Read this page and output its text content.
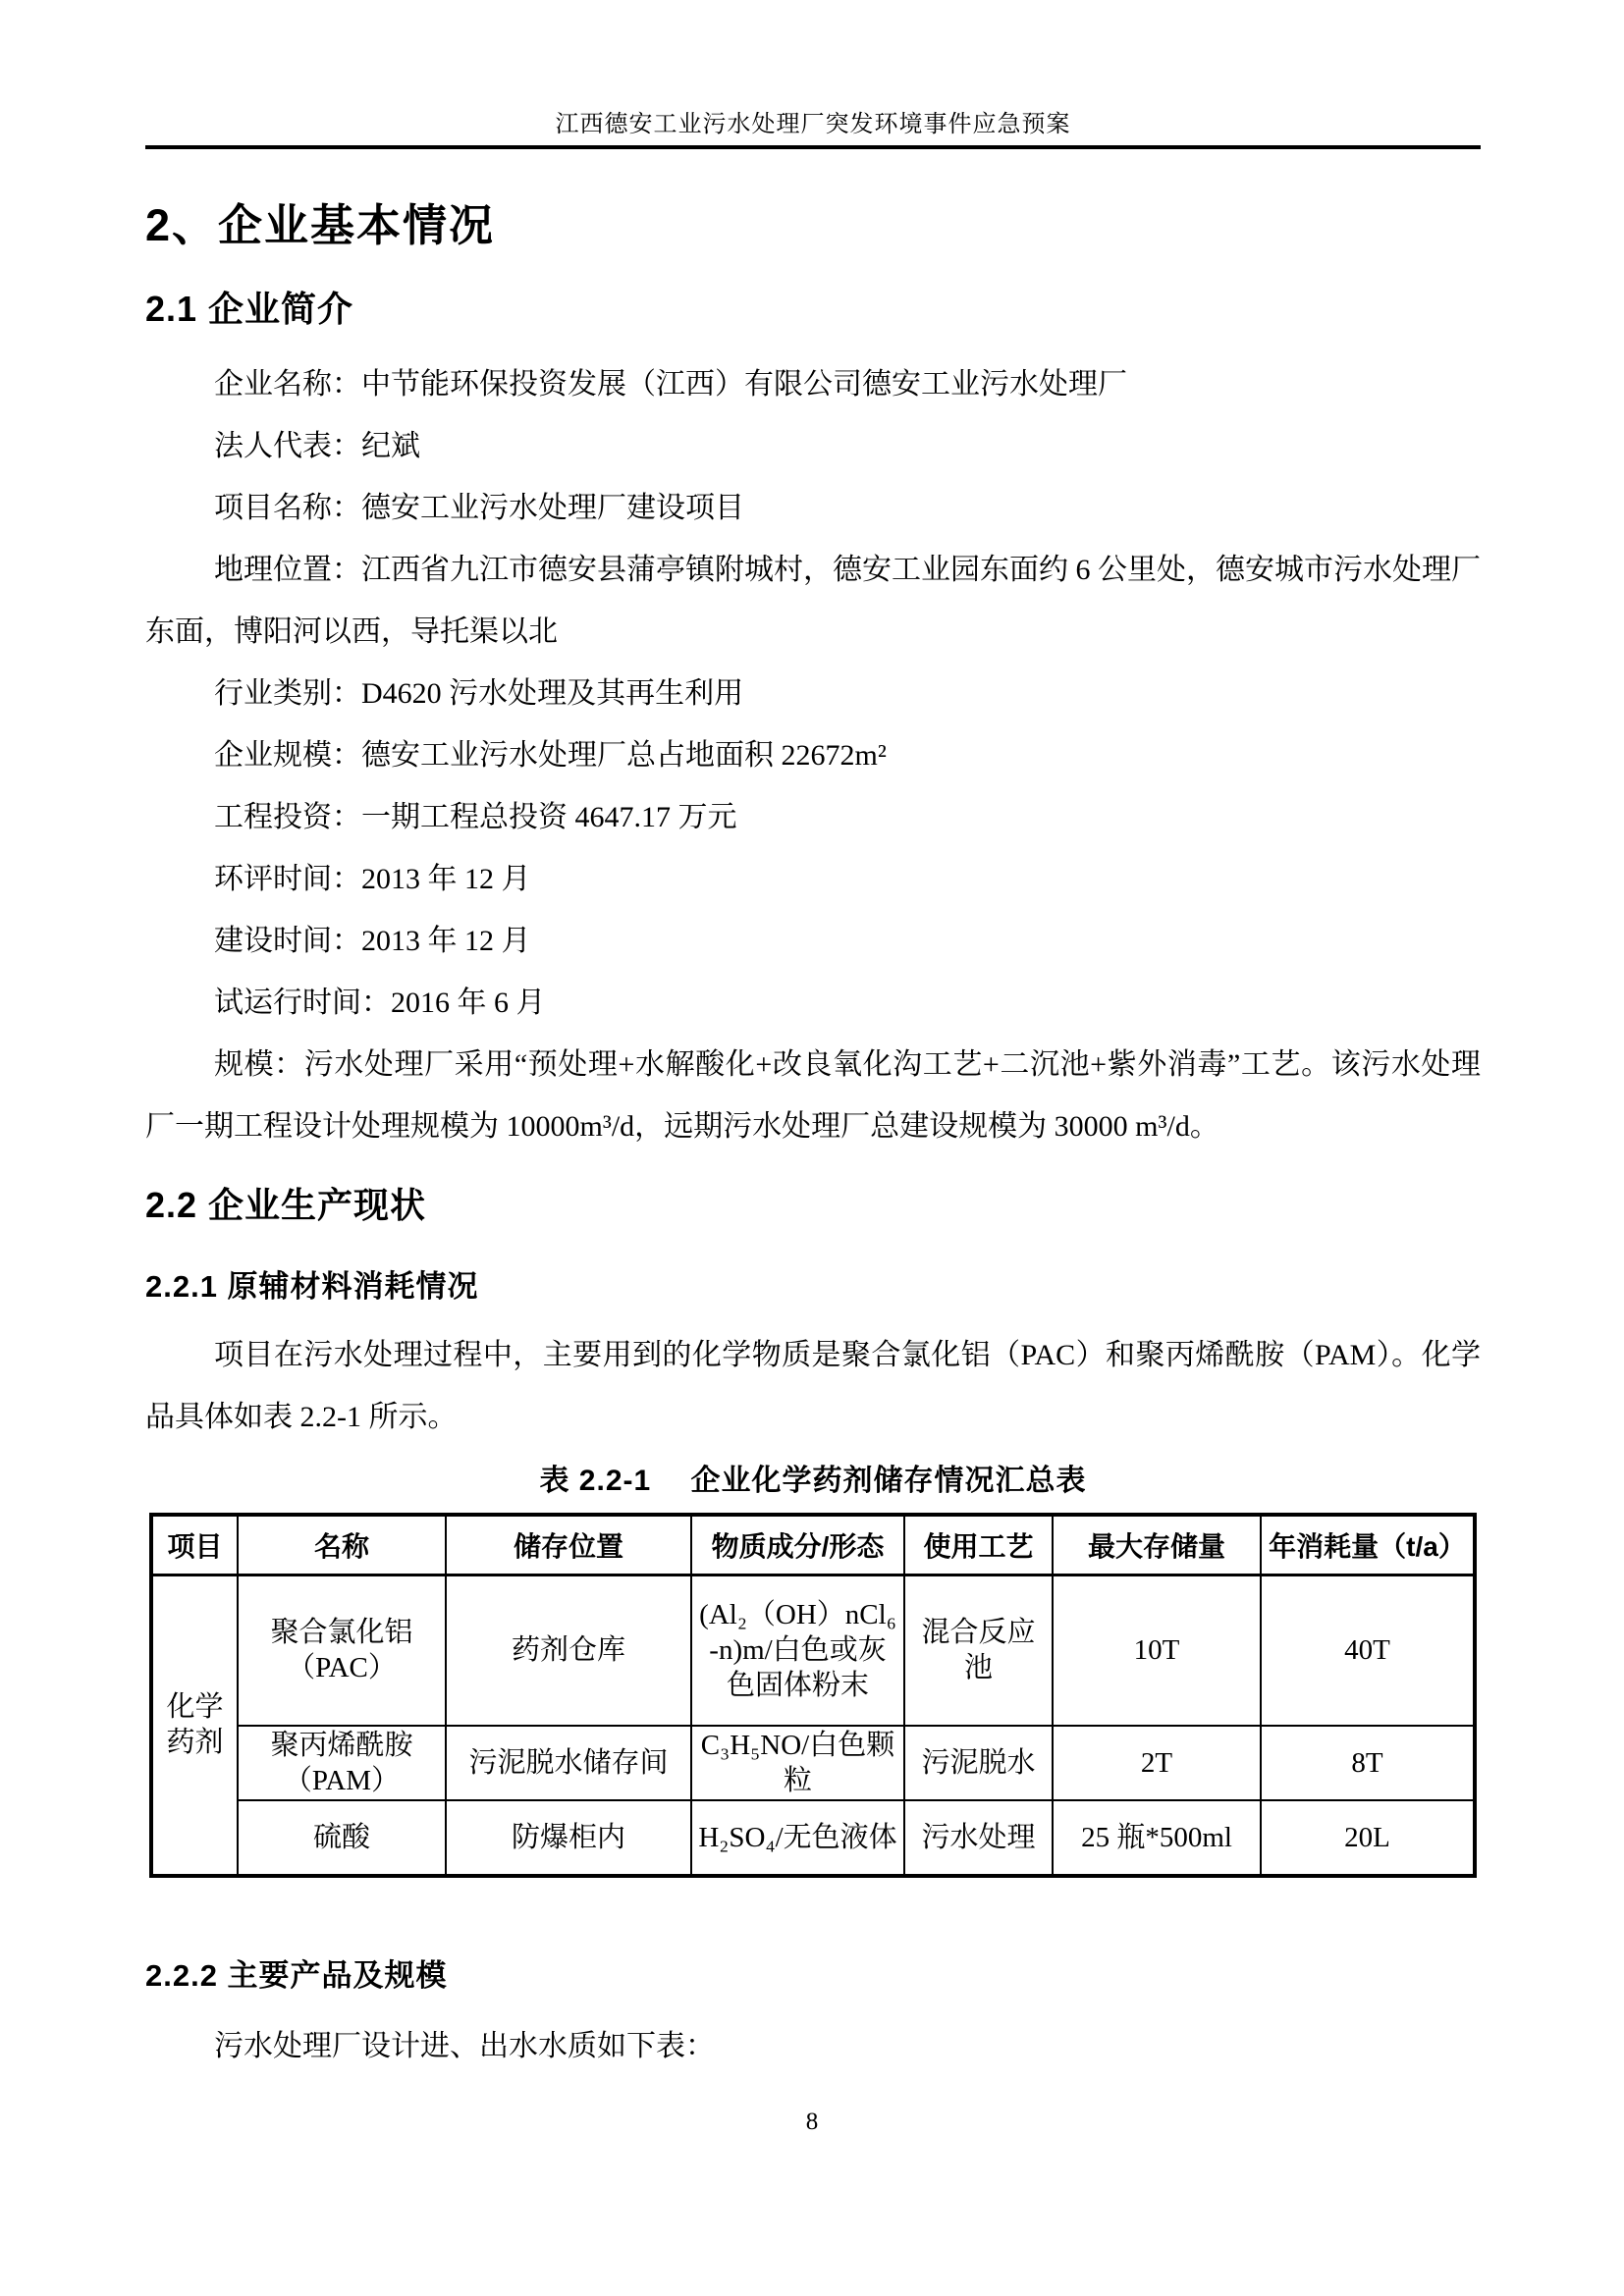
江西德安工业污水处理厂突发环境事件应急预案
2、企业基本情况
2.1 企业简介

企业名称：中节能环保投资发展（江西）有限公司德安工业污水处理厂

法人代表：纪斌

项目名称：德安工业污水处理厂建设项目

地理位置：江西省九江市德安县蒲亭镇附城村，德安工业园东面约 6 公里处，德安城市污水处理厂东面，博阳河以西，导托渠以北

行业类别：D4620 污水处理及其再生利用

企业规模：德安工业污水处理厂总占地面积 22672m²

工程投资：一期工程总投资 4647.17 万元

环评时间：2013 年 12 月

建设时间：2013 年 12 月

试运行时间：2016 年 6 月

规模：污水处理厂采用“预处理+水解酸化+改良氧化沟工艺+二沉池+紫外消毒”工艺。该污水处理厂一期工程设计处理规模为 10000m³/d，远期污水处理厂总建设规模为 30000 m³/d。

2.2 企业生产现状
2.2.1 原辅材料消耗情况

项目在污水处理过程中，主要用到的化学物质是聚合氯化铝（PAC）和聚丙烯酰胺（PAM）。化学品具体如表 2.2-1 所示。

表 2.2-1　 企业化学药剂储存情况汇总表
项目	名称	储存位置	物质成分/形态	使用工艺	最大存储量	年消耗量（t/a）
化学药剂	聚合氯化铝（PAC）	药剂仓库	(Al₂（OH）nCl₆-n)m/白色或灰色固体粉末	混合反应池	10T	40T
	聚丙烯酰胺（PAM）	污泥脱水储存间	C₃H₅NO/白色颗粒	污泥脱水	2T	8T
	硫酸	防爆柜内	H₂SO₄/无色液体	污水处理	25 瓶*500ml	20L
2.2.2 主要产品及规模

污水处理厂设计进、出水水质如下表：

8
